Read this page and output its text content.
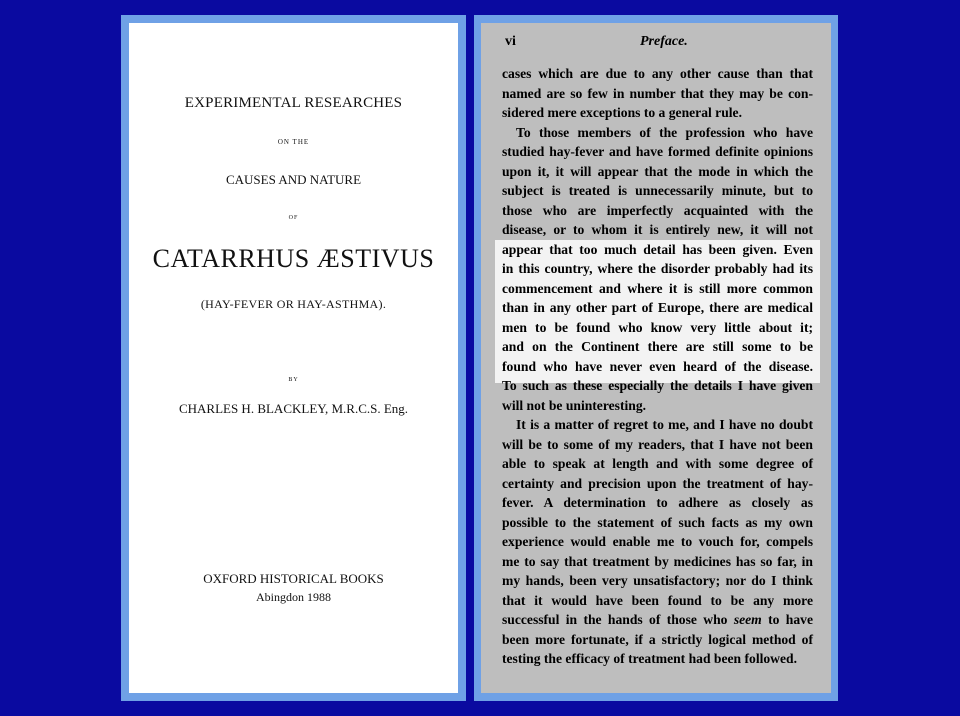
EXPERIMENTAL RESEARCHES
ON THE
CAUSES AND NATURE
OF
CATARRHUS ÆSTIVUS
(HAY-FEVER OR HAY-ASTHMA).
BY
CHARLES H. BLACKLEY, M.R.C.S. Eng.
OXFORD HISTORICAL BOOKS
Abingdon 1988
vi	Preface.
cases which are due to any other cause than that
named are so few in number that they may be con-
sidered mere exceptions to a general rule.
To those members of the profession who have
studied hay-fever and have formed definite opinions
upon it, it will appear that the mode in which the
subject is treated is unnecessarily minute, but to
those who are imperfectly acquainted with the
disease, or to whom it is entirely new, it will not
appear that too much detail has been given. Even
in this country, where the disorder probably had its
commencement and where it is still more common
than in any other part of Europe, there are medical
men to be found who know very little about it;
and on the Continent there are still some to be
found who have never even heard of the disease.
To such as these especially the details I have given
will not be uninteresting.
It is a matter of regret to me, and I have no doubt
will be to some of my readers, that I have not been
able to speak at length and with some degree of
certainty and precision upon the treatment of hay-
fever. A determination to adhere as closely as
possible to the statement of such facts as my own
experience would enable me to vouch for, compels
me to say that treatment by medicines has so far, in
my hands, been very unsatisfactory; nor do I think
that it would have been found to be any more
successful in the hands of those who seem to have
been more fortunate, if a strictly logical method of
testing the efficacy of treatment had been followed.
